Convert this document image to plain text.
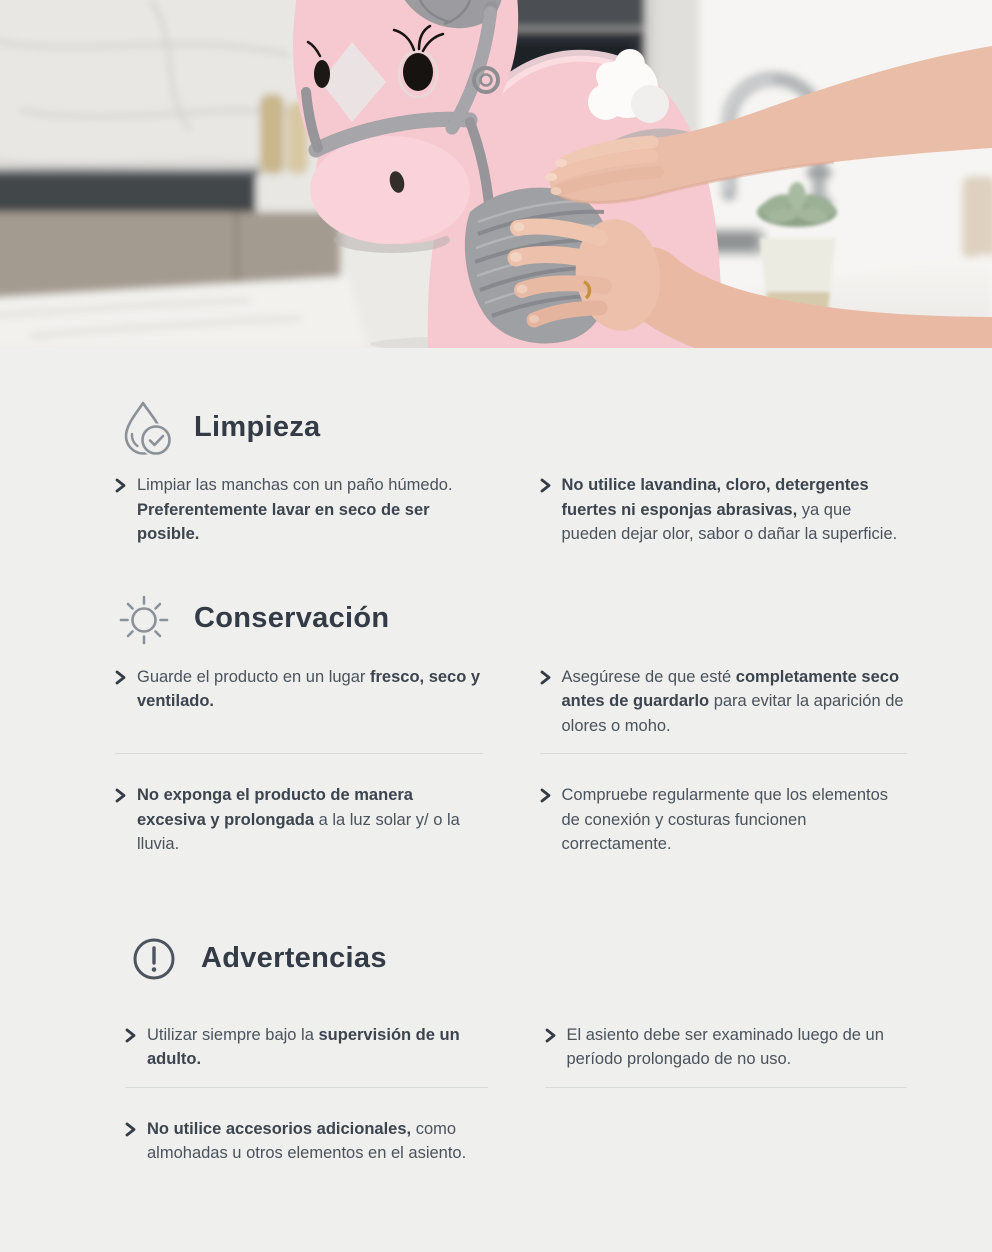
Limpieza

Limpiar las manchas con un paño húmedo. Preferentemente lavar en seco de ser posible.

No utilice lavandina, cloro, detergentes fuertes ni esponjas abrasivas, ya que pueden dejar olor, sabor o dañar la superficie.

Conservación

Guarde el producto en un lugar fresco, seco y ventilado.

Asegúrese de que esté completamente seco antes de guardarlo para evitar la aparición de olores o moho.

No exponga el producto de manera excesiva y prolongada a la luz solar y/ o la lluvia.

Compruebe regularmente que los elementos de conexión y costuras funcionen correctamente.

Advertencias

Utilizar siempre bajo la supervisión de un adulto.

El asiento debe ser examinado luego de un período prolongado de no uso.

No utilice accesorios adicionales, como almohadas u otros elementos en el asiento.
